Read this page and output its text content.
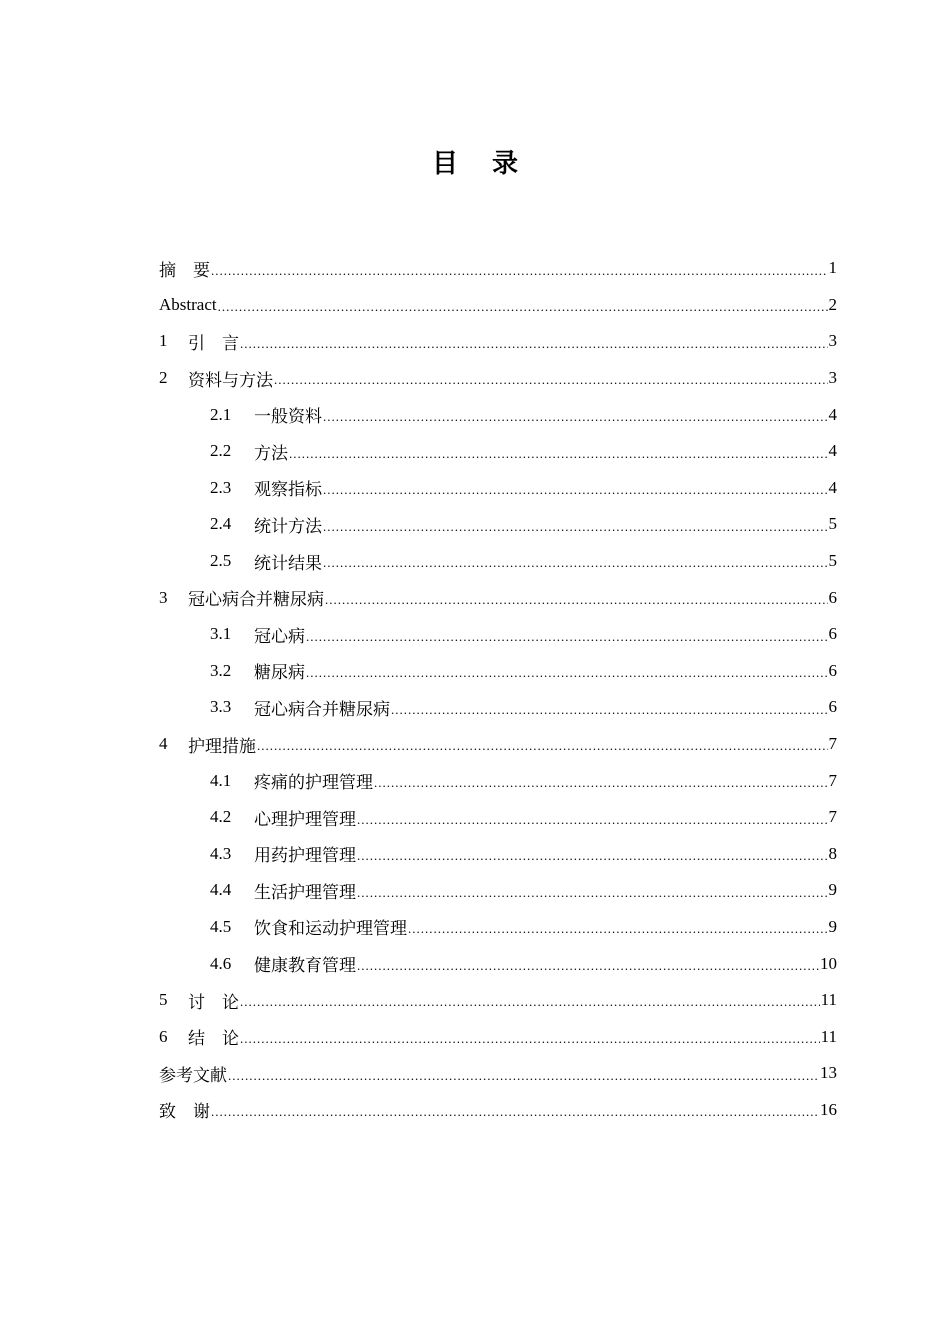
目 录
摘　要 .....	1
Abstract .....	2
1	引　言 .....	3
2	资料与方法 .....	3
2.1	一般资料 .....	4
2.2	方法 .....	4
2.3	观察指标 .....	4
2.4	统计方法 .....	5
2.5	统计结果 .....	5
3	冠心病合并糖尿病 .....	6
3.1	冠心病 .....	6
3.2	糖尿病 .....	6
3.3	冠心病合并糖尿病 .....	6
4	护理措施 .....	7
4.1	疼痛的护理管理 .....	7
4.2	心理护理管理 .....	7
4.3	用药护理管理 .....	8
4.4	生活护理管理 .....	9
4.5	饮食和运动护理管理 .....	9
4.6	健康教育管理 .....	10
5	讨　论 .....	11
6	结　论 .....	11
参考文献 .....	13
致　谢 .....	16
